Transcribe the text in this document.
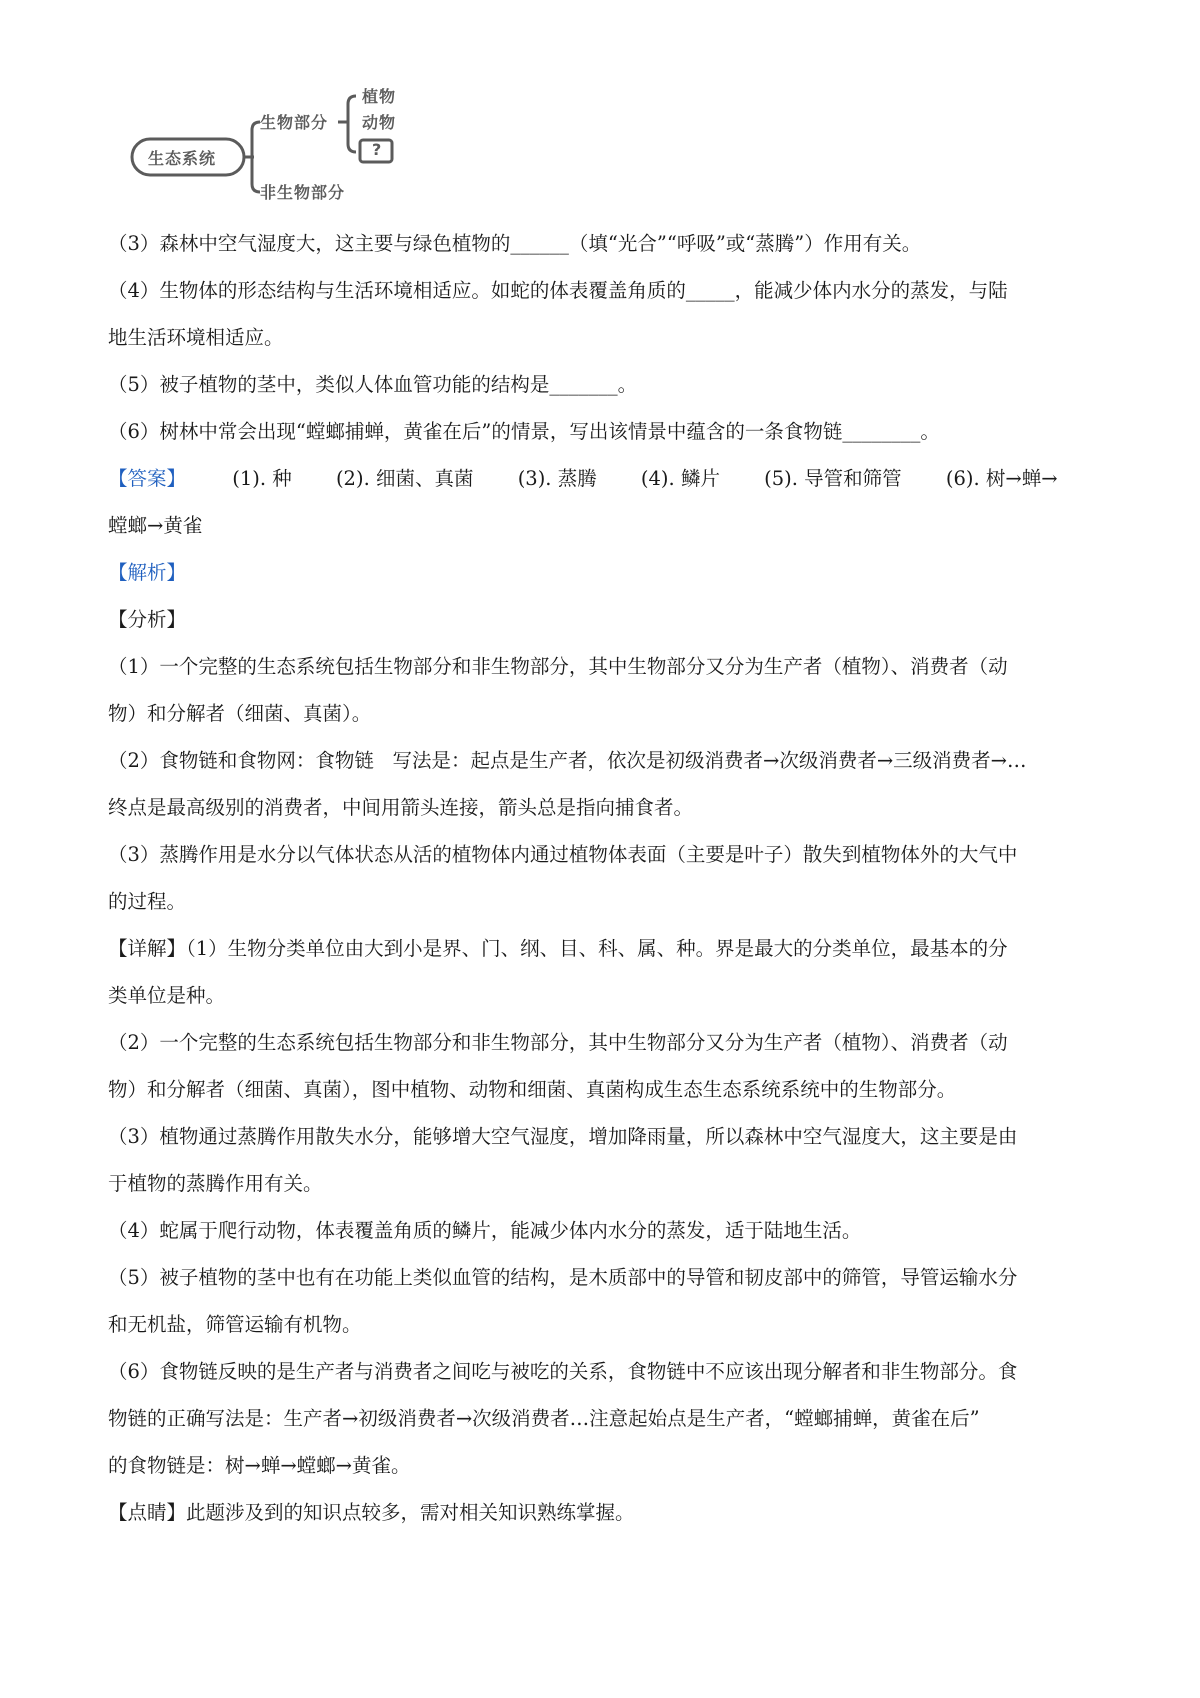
生态系统
生物部分
非生物部分
植物
动物
?

（3）森林中空气湿度大，这主要与绿色植物的______（填“光合”“呼吸”或“蒸腾”）作用有关。

（4）生物体的形态结构与生活环境相适应。如蛇的体表覆盖角质的_____，能减少体内水分的蒸发，与陆

地生活环境相适应。

（5）被子植物的茎中，类似人体血管功能的结构是_______。

（6）树林中常会出现“螳螂捕蝉，黄雀在后”的情景，写出该情景中蕴含的一条食物链________。

【答案】 (1). 种 (2). 细菌、真菌 (3). 蒸腾 (4). 鳞片 (5). 导管和筛管 (6). 树→蝉→

螳螂→黄雀

【解析】

【分析】

（1）一个完整的生态系统包括生物部分和非生物部分，其中生物部分又分为生产者（植物）、消费者（动

物）和分解者（细菌、真菌）。

（2）食物链和食物网：食物链   写法是：起点是生产者，依次是初级消费者→次级消费者→三级消费者→…

终点是最高级别的消费者，中间用箭头连接，箭头总是指向捕食者。

（3）蒸腾作用是水分以气体状态从活的植物体内通过植物体表面（主要是叶子）散失到植物体外的大气中

的过程。

【详解】（1）生物分类单位由大到小是界、门、纲、目、科、属、种。界是最大的分类单位，最基本的分

类单位是种。

（2）一个完整的生态系统包括生物部分和非生物部分，其中生物部分又分为生产者（植物）、消费者（动

物）和分解者（细菌、真菌），图中植物、动物和细菌、真菌构成生态生态系统系统中的生物部分。

（3）植物通过蒸腾作用散失水分，能够增大空气湿度，增加降雨量，所以森林中空气湿度大，这主要是由

于植物的蒸腾作用有关。

（4）蛇属于爬行动物，体表覆盖角质的鳞片，能减少体内水分的蒸发，适于陆地生活。

（5）被子植物的茎中也有在功能上类似血管的结构，是木质部中的导管和韧皮部中的筛管，导管运输水分

和无机盐，筛管运输有机物。

（6）食物链反映的是生产者与消费者之间吃与被吃的关系，食物链中不应该出现分解者和非生物部分。食

物链的正确写法是：生产者→初级消费者→次级消费者…注意起始点是生产者，“螳螂捕蝉，黄雀在后”

的食物链是：树→蝉→螳螂→黄雀。

【点睛】此题涉及到的知识点较多，需对相关知识熟练掌握。
